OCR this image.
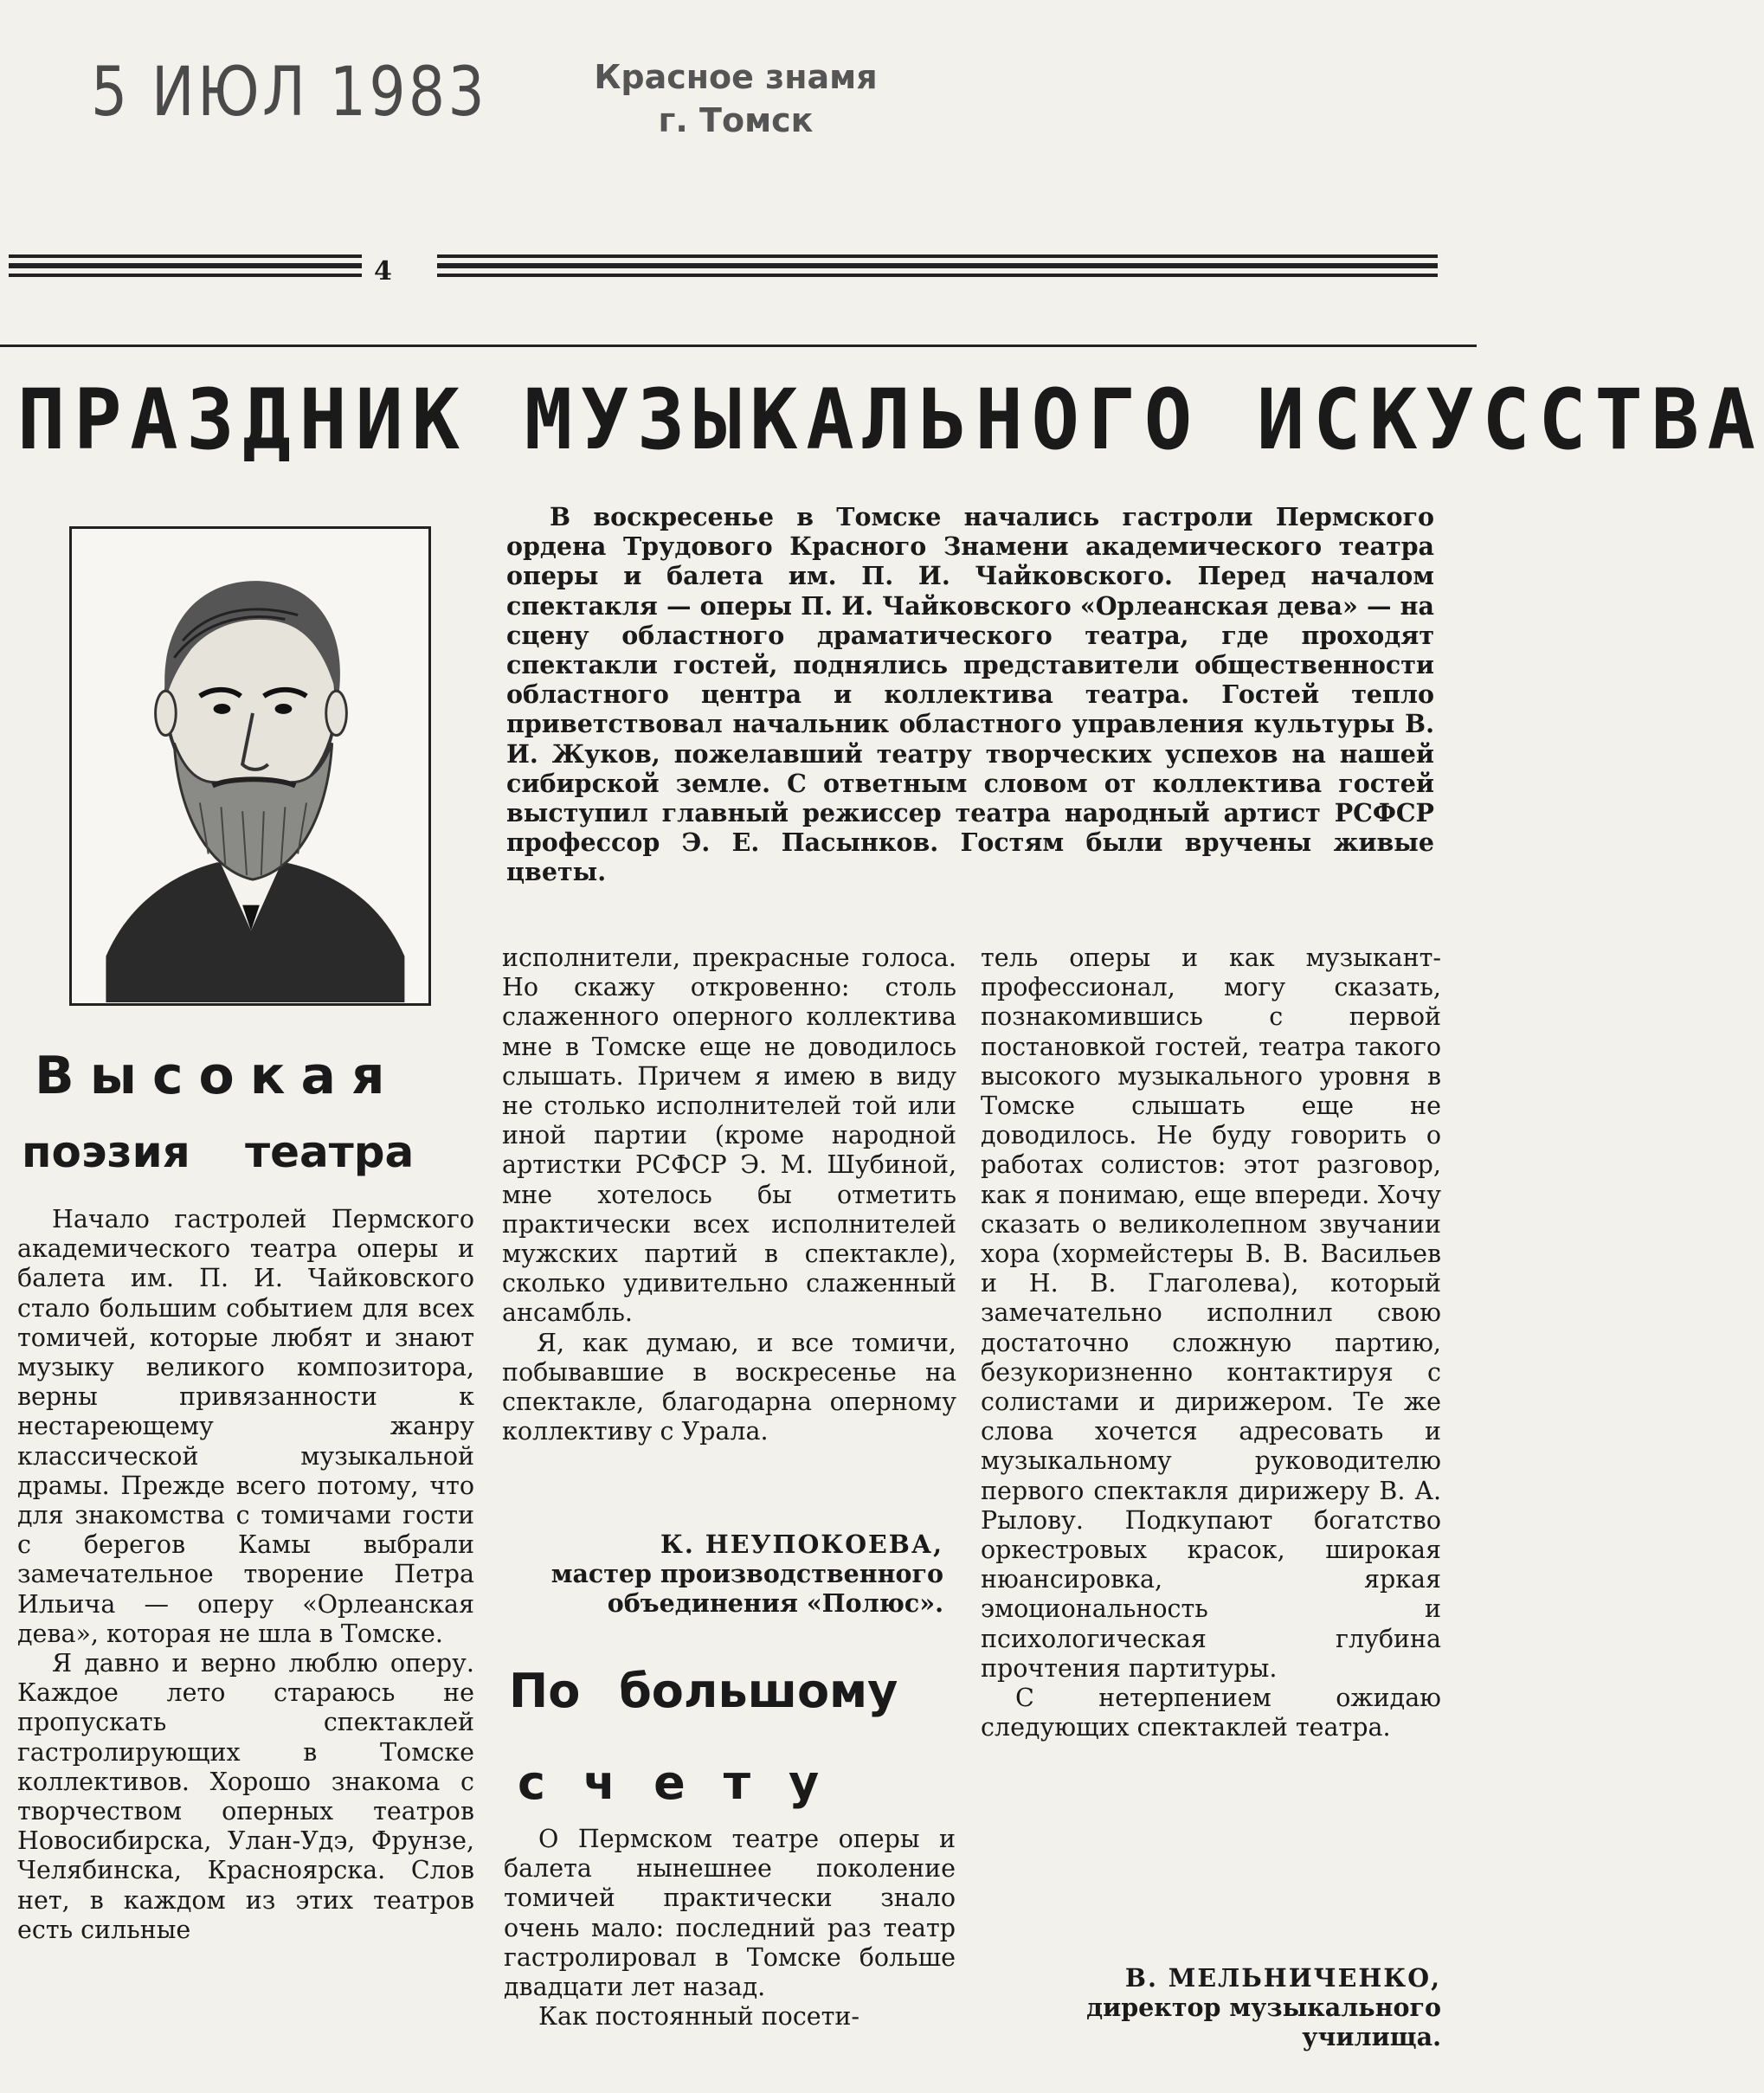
5 ИЮЛ 1983	Красное знамя
г. Томск
4
ПРАЗДНИК МУЗЫКАЛЬНОГО ИСКУССТВА

В воскресенье в Томске начались гастроли Пермского ордена Трудового Красного Знамени академического театра оперы и балета им. П. И. Чайковского. Перед началом спектакля — оперы П. И. Чайковского «Орлеанская дева» — на сцену областного драматического театра, где проходят спектакли гостей, поднялись представители общественности областного центра и коллектива театра. Гостей тепло приветствовал начальник областного управления культуры В. И. Жуков, пожелавший театру творческих успехов на нашей сибирской земле. С ответным словом от коллектива гостей выступил главный режиссер театра народный артист РСФСР профессор Э. Е. Пасынков. Гостям были вручены живые цветы.

Высокая
поэзия театра

Начало гастролей Пермского академического театра оперы и балета им. П. И. Чайковского стало большим событием для всех томичей, которые любят и знают музыку великого композитора, верны привязанности к нестареющему жанру классической музыкальной драмы. Прежде всего потому, что для знакомства с томичами гости с берегов Камы выбрали замечательное творение Петра Ильича — оперу «Орлеанская дева», которая не шла в Томске.

Я давно и верно люблю оперу. Каждое лето стараюсь не пропускать спектаклей гастролирующих в Томске коллективов. Хорошо знакома с творчеством оперных театров Новосибирска, Улан-Удэ, Фрунзе, Челябинска, Красноярска. Слов нет, в каждом из этих театров есть сильные

исполнители, прекрасные голоса. Но скажу откровенно: столь слаженного оперного коллектива мне в Томске еще не доводилось слышать. Причем я имею в виду не столько исполнителей той или иной партии (кроме народной артистки РСФСР Э. М. Шубиной, мне хотелось бы отметить практически всех исполнителей мужских партий в спектакле), сколько удивительно слаженный ансамбль.

Я, как думаю, и все томичи, побывавшие в воскресенье на спектакле, благодарна оперному коллективу с Урала.

К. НЕУПОКОЕВА,
мастер производственного объединения «Полюс».
По большому
счету

О Пермском театре оперы и балета нынешнее поколение томичей практически знало очень мало: последний раз театр гастролировал в Томске больше двадцати лет назад.

Как постоянный посети-

тель оперы и как музыкант-профессионал, могу сказать, познакомившись с первой постановкой гостей, театра такого высокого музыкального уровня в Томске слышать еще не доводилось. Не буду говорить о работах солистов: этот разговор, как я понимаю, еще впереди. Хочу сказать о великолепном звучании хора (хормейстеры В. В. Васильев и Н. В. Глаголева), который замечательно исполнил свою достаточно сложную партию, безукоризненно контактируя с солистами и дирижером. Те же слова хочется адресовать и музыкальному руководителю первого спектакля дирижеру В. А. Рылову. Подкупают богатство оркестровых красок, широкая нюансировка, яркая эмоциональность и психологическая глубина прочтения партитуры.

С нетерпением ожидаю следующих спектаклей театра.

В. МЕЛЬНИЧЕНКО,
директор музыкального училища.
